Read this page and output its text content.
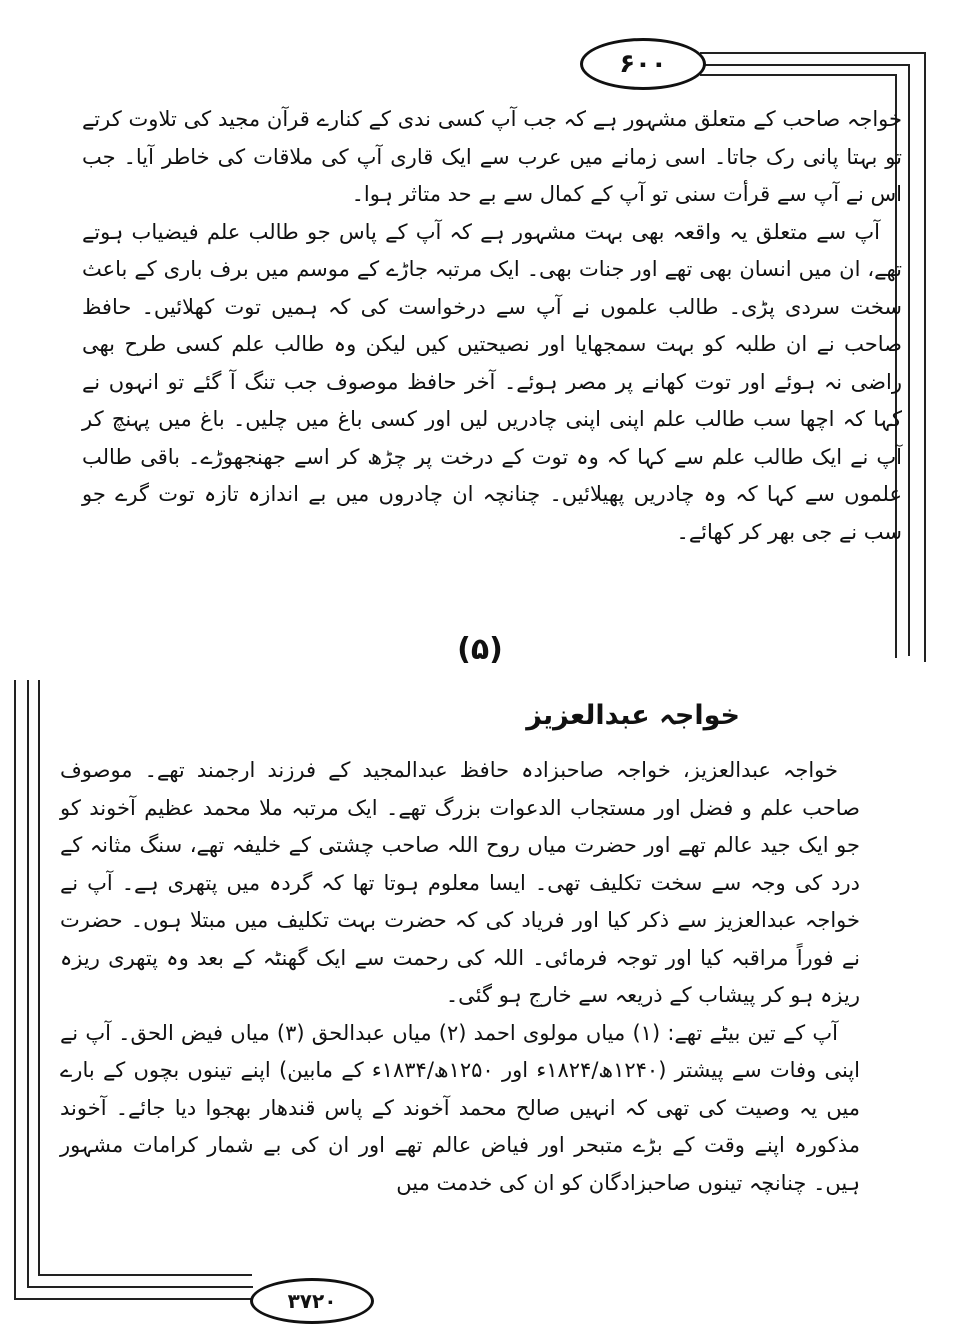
۶۰۰

خواجہ صاحب کے متعلق مشہور ہے کہ جب آپ کسی ندی کے کنارے قرآن مجید کی تلاوت کرتے تو بہتا پانی رک جاتا۔ اسی زمانے میں عرب سے ایک قاری آپ کی ملاقات کی خاطر آیا۔ جب اس نے آپ سے قرأت سنی تو آپ کے کمال سے بے حد متاثر ہوا۔

آپ سے متعلق یہ واقعہ بھی بہت مشہور ہے کہ آپ کے پاس جو طالب علم فیضیاب ہوتے تھے، ان میں انسان بھی تھے اور جنات بھی۔ ایک مرتبہ جاڑے کے موسم میں برف باری کے باعث سخت سردی پڑی۔ طالب علموں نے آپ سے درخواست کی کہ ہمیں توت کھلائیں۔ حافظ صاحب نے ان طلبہ کو بہت سمجھایا اور نصیحتیں کیں لیکن وہ طالب علم کسی طرح بھی راضی نہ ہوئے اور توت کھانے پر مصر ہوئے۔ آخر حافظ موصوف جب تنگ آ گئے تو انہوں نے کہا کہ اچھا سب طالب علم اپنی اپنی چادریں لیں اور کسی باغ میں چلیں۔ باغ میں پہنچ کر آپ نے ایک طالب علم سے کہا کہ وہ توت کے درخت پر چڑھ کر اسے جھنجھوڑے۔ باقی طالب علموں سے کہا کہ وہ چادریں پھیلائیں۔ چنانچہ ان چادروں میں بے اندازہ تازہ توت گرے جو سب نے جی بھر کر کھائے۔

(۵)
خواجہ عبدالعزیز

خواجہ عبدالعزیز، خواجہ صاحبزادہ حافظ عبدالمجید کے فرزند ارجمند تھے۔ موصوف صاحب علم و فضل اور مستجاب الدعوات بزرگ تھے۔ ایک مرتبہ ملا محمد عظیم آخوند کو جو ایک جید عالم تھے اور حضرت میاں روح اللہ صاحب چشتی کے خلیفہ تھے، سنگ مثانہ کے درد کی وجہ سے سخت تکلیف تھی۔ ایسا معلوم ہوتا تھا کہ گردہ میں پتھری ہے۔ آپ نے خواجہ عبدالعزیز سے ذکر کیا اور فریاد کی کہ حضرت بہت تکلیف میں مبتلا ہوں۔ حضرت نے فوراً مراقبہ کیا اور توجہ فرمائی۔ اللہ کی رحمت سے ایک گھنٹہ کے بعد وہ پتھری ریزہ ریزہ ہو کر پیشاب کے ذریعہ سے خارج ہو گئی۔

آپ کے تین بیٹے تھے: (۱) میاں مولوی احمد (۲) میاں عبدالحق (۳) میاں فیض الحق۔ آپ نے اپنی وفات سے پیشتر (۱۲۴۰ھ/۱۸۲۴ء اور ۱۲۵۰ھ/۱۸۳۴ء کے مابین) اپنے تینوں بچوں کے بارے میں یہ وصیت کی تھی کہ انہیں صالح محمد آخوند کے پاس قندھار بھجوا دیا جائے۔ آخوند مذکورہ اپنے وقت کے بڑے متبحر اور فیاض عالم تھے اور ان کی بے شمار کرامات مشہور ہیں۔ چنانچہ تینوں صاحبزادگان کو ان کی خدمت میں

۳۷۲۰
